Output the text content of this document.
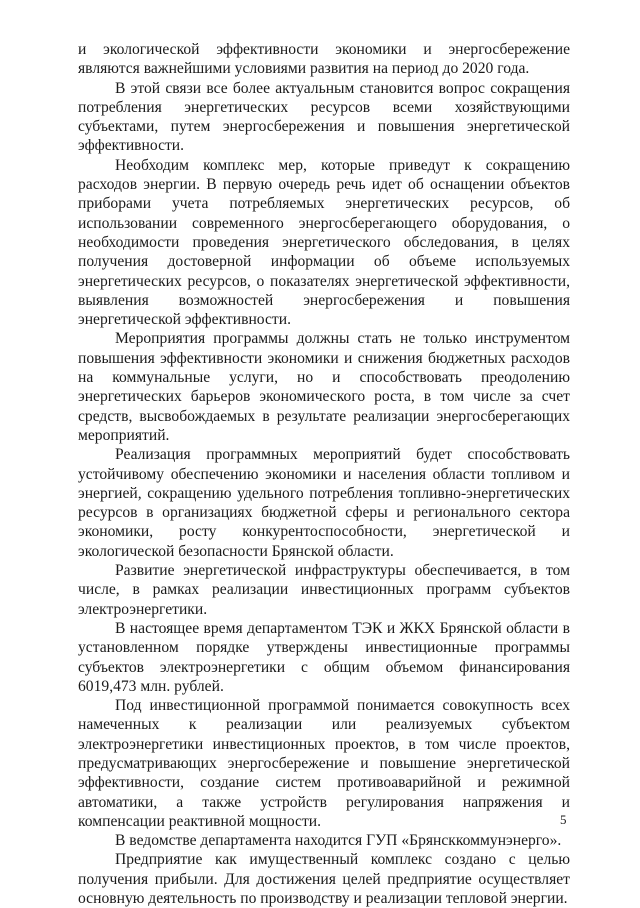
и экологической эффективности экономики и энергосбережение являются важнейшими условиями развития на период до 2020 года.

В этой связи все более актуальным становится вопрос сокращения потребления энергетических ресурсов всеми хозяйствующими субъектами, путем энергосбережения и повышения энергетической эффективности.

Необходим комплекс мер, которые приведут к сокращению расходов энергии. В первую очередь речь идет об оснащении объектов приборами учета потребляемых энергетических ресурсов, об использовании современного энергосберегающего оборудования, о необходимости проведения энергетического обследования, в целях получения достоверной информации об объеме используемых энергетических ресурсов, о показателях энергетической эффективности, выявления возможностей энергосбережения и повышения энергетической эффективности.

Мероприятия программы должны стать не только инструментом повышения эффективности экономики и снижения бюджетных расходов на коммунальные услуги, но и способствовать преодолению энергетических барьеров экономического роста, в том числе за счет средств, высвобождаемых в результате реализации энергосберегающих мероприятий.

Реализация программных мероприятий будет способствовать устойчивому обеспечению экономики и населения области топливом и энергией, сокращению удельного потребления топливно-энергетических ресурсов в организациях бюджетной сферы и регионального сектора экономики, росту конкурентоспособности, энергетической и экологической безопасности Брянской области.

Развитие энергетической инфраструктуры обеспечивается, в том числе, в рамках реализации инвестиционных программ субъектов электроэнергетики.

В настоящее время департаментом ТЭК и ЖКХ Брянской области в установленном порядке утверждены инвестиционные программы субъектов электроэнергетики с общим объемом финансирования 6019,473 млн. рублей.

Под инвестиционной программой понимается совокупность всех намеченных к реализации или реализуемых субъектом электроэнергетики инвестиционных проектов, в том числе проектов, предусматривающих энергосбережение и повышение энергетической эффективности, создание систем противоаварийной и режимной автоматики, а также устройств регулирования напряжения и компенсации реактивной мощности.

В ведомстве департамента находится ГУП «Брянсккоммунэнерго».

Предприятие как имущественный комплекс создано с целью получения прибыли. Для достижения целей предприятие осуществляет основную деятельность по производству и реализации тепловой энергии.

5
